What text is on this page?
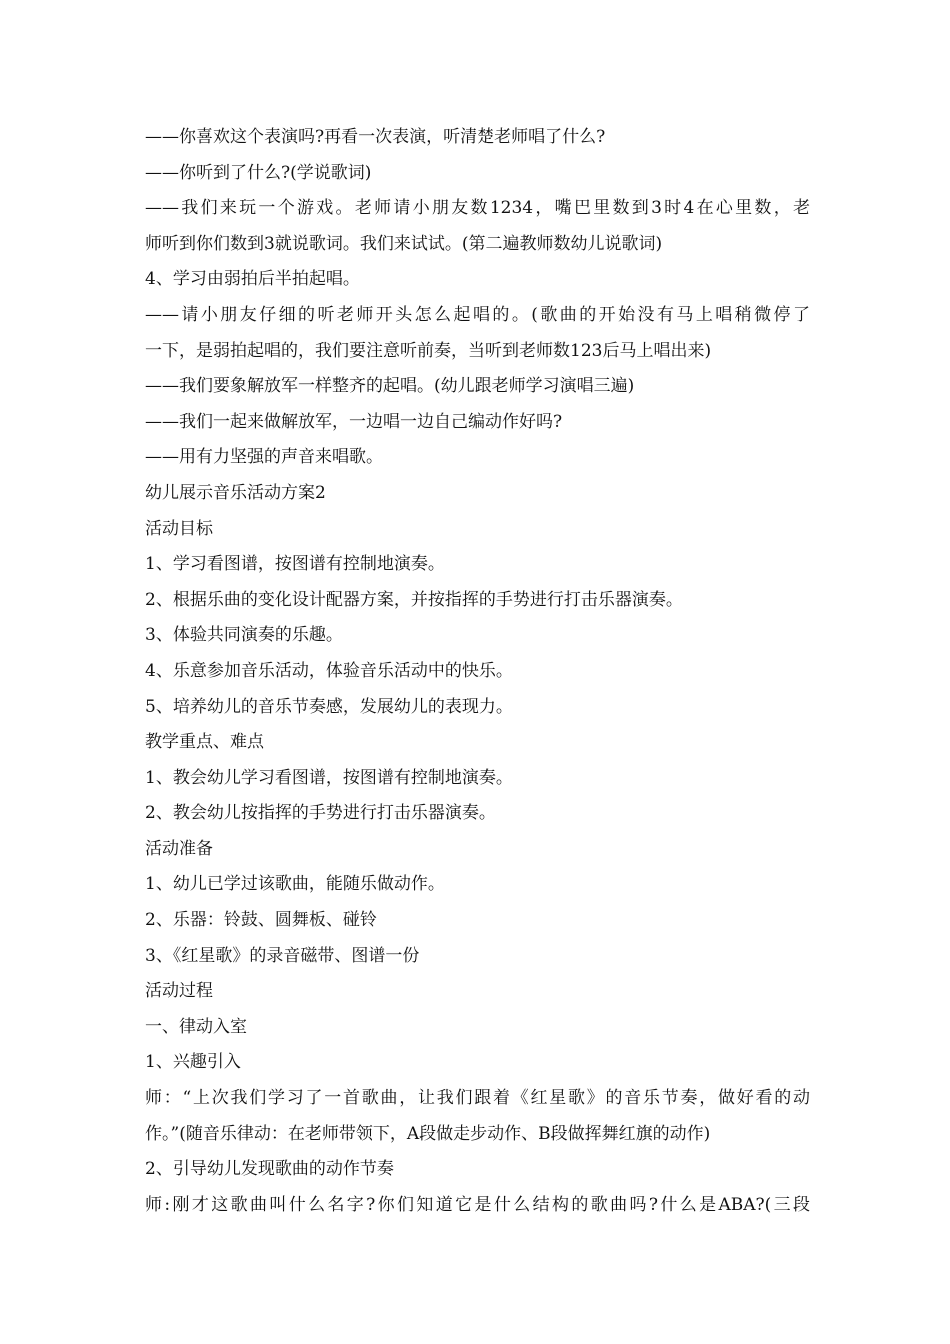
——你喜欢这个表演吗?再看一次表演，听清楚老师唱了什么?
——你听到了什么?(学说歌词)
——我们来玩一个游戏。老师请小朋友数1234，嘴巴里数到3时4在心里数，老
师听到你们数到3就说歌词。我们来试试。(第二遍教师数幼儿说歌词)
4、学习由弱拍后半拍起唱。
——请小朋友仔细的听老师开头怎么起唱的。(歌曲的开始没有马上唱稍微停了
一下，是弱拍起唱的，我们要注意听前奏，当听到老师数123后马上唱出来)
——我们要象解放军一样整齐的起唱。(幼儿跟老师学习演唱三遍)
——我们一起来做解放军，一边唱一边自己编动作好吗?
——用有力坚强的声音来唱歌。
幼儿展示音乐活动方案2
活动目标
1、学习看图谱，按图谱有控制地演奏。
2、根据乐曲的变化设计配器方案，并按指挥的手势进行打击乐器演奏。
3、体验共同演奏的乐趣。
4、乐意参加音乐活动，体验音乐活动中的快乐。
5、培养幼儿的音乐节奏感，发展幼儿的表现力。
教学重点、难点
1、教会幼儿学习看图谱，按图谱有控制地演奏。
2、教会幼儿按指挥的手势进行打击乐器演奏。
活动准备
1、幼儿已学过该歌曲，能随乐做动作。
2、乐器：铃鼓、圆舞板、碰铃
3、《红星歌》的录音磁带、图谱一份
活动过程
一、律动入室
1、兴趣引入
师：“上次我们学习了一首歌曲，让我们跟着《红星歌》的音乐节奏，做好看的动
作。”(随音乐律动：在老师带领下，A段做走步动作、B段做挥舞红旗的动作)
2、引导幼儿发现歌曲的动作节奏
师:刚才这歌曲叫什么名字?你们知道它是什么结构的歌曲吗?什么是ABA?(三段
